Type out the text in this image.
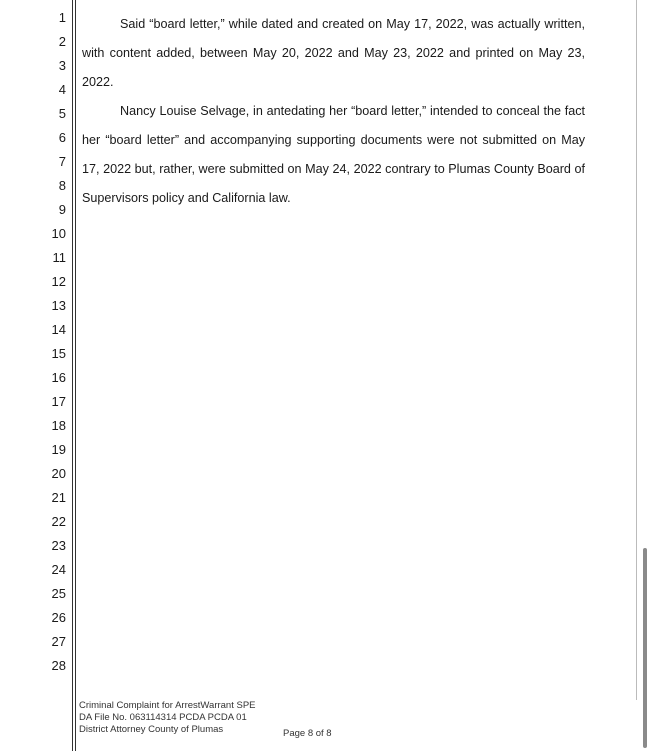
1
2
3
4
5
6
7
8
9
10
11
12
13
14
15
16
17
18
19
20
21
22
23
24
25
26
27
28

Said “board letter,” while dated and created on May 17, 2022, was actually written, with content added, between May 20, 2022 and May 23, 2022 and printed on May 23, 2022.

Nancy Louise Selvage, in antedating her “board letter,” intended to conceal the fact her “board letter” and accompanying supporting documents were not submitted on May 17, 2022 but, rather, were submitted on May 24, 2022 contrary to Plumas County Board of Supervisors policy and California law.

Criminal Complaint for ArrestWarrant SPE
DA File No. 063114314 PCDA PCDA 01
District Attorney County of Plumas	Page 8 of 8
